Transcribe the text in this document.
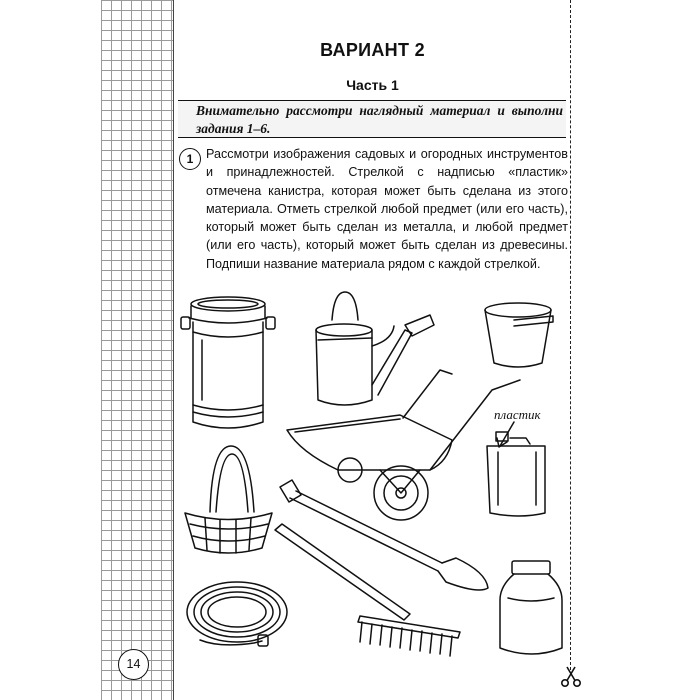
ВАРИАНТ 2
Часть 1
Внимательно рассмотри наглядный материал и выполни задания 1–6.
1	Рассмотри изображения садовых и огородных инструментов и принадлежностей. Стрелкой с надписью «пластик» отмечена канистра, которая может быть сделана из этого материала. Отметь стрелкой любой предмет (или его часть), который может быть сделан из металла, и любой предмет (или его часть), который может быть сделан из древесины. Подпиши название материала рядом с каждой стрелкой.
пластик
14
